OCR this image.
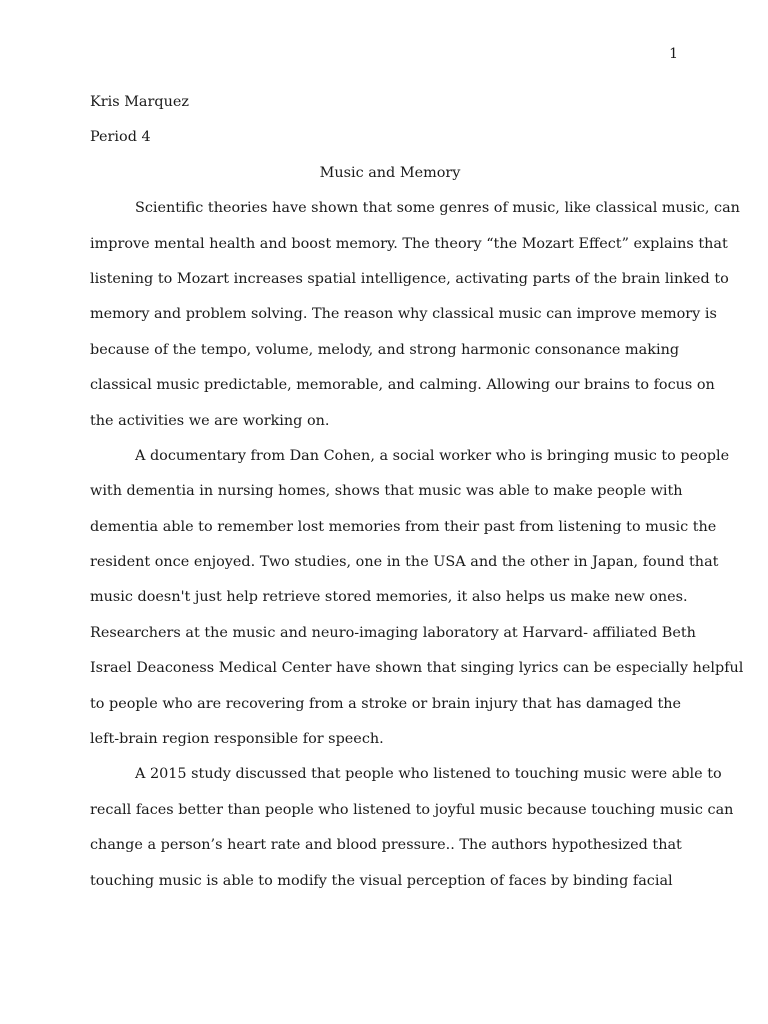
1
Kris Marquez
Period 4
Music and Memory
Scientific theories have shown that some genres of music, like classical music, can
improve mental health and boost memory. The theory “the Mozart Effect” explains that
listening to Mozart increases spatial intelligence, activating parts of the brain linked to
memory and problem solving. The reason why classical music can improve memory is
because of the tempo, volume, melody, and strong harmonic consonance making
classical music predictable, memorable, and calming. Allowing our brains to focus on
the activities we are working on.
A documentary from Dan Cohen, a social worker who is bringing music to people
with dementia in nursing homes, shows that music was able to make people with
dementia able to remember lost memories from their past from listening to music the
resident once enjoyed. Two studies, one in the USA and the other in Japan, found that
music doesn't just help retrieve stored memories, it also helps us make new ones.
Researchers at the music and neuro-imaging laboratory at Harvard- affiliated Beth
Israel Deaconess Medical Center have shown that singing lyrics can be especially helpful
to people who are recovering from a stroke or brain injury that has damaged the
left-brain region responsible for speech.
A 2015 study discussed that people who listened to touching music were able to
recall faces better than people who listened to joyful music because touching music can
change a person’s heart rate and blood pressure.. The authors hypothesized that
touching music is able to modify the visual perception of faces by binding facial
